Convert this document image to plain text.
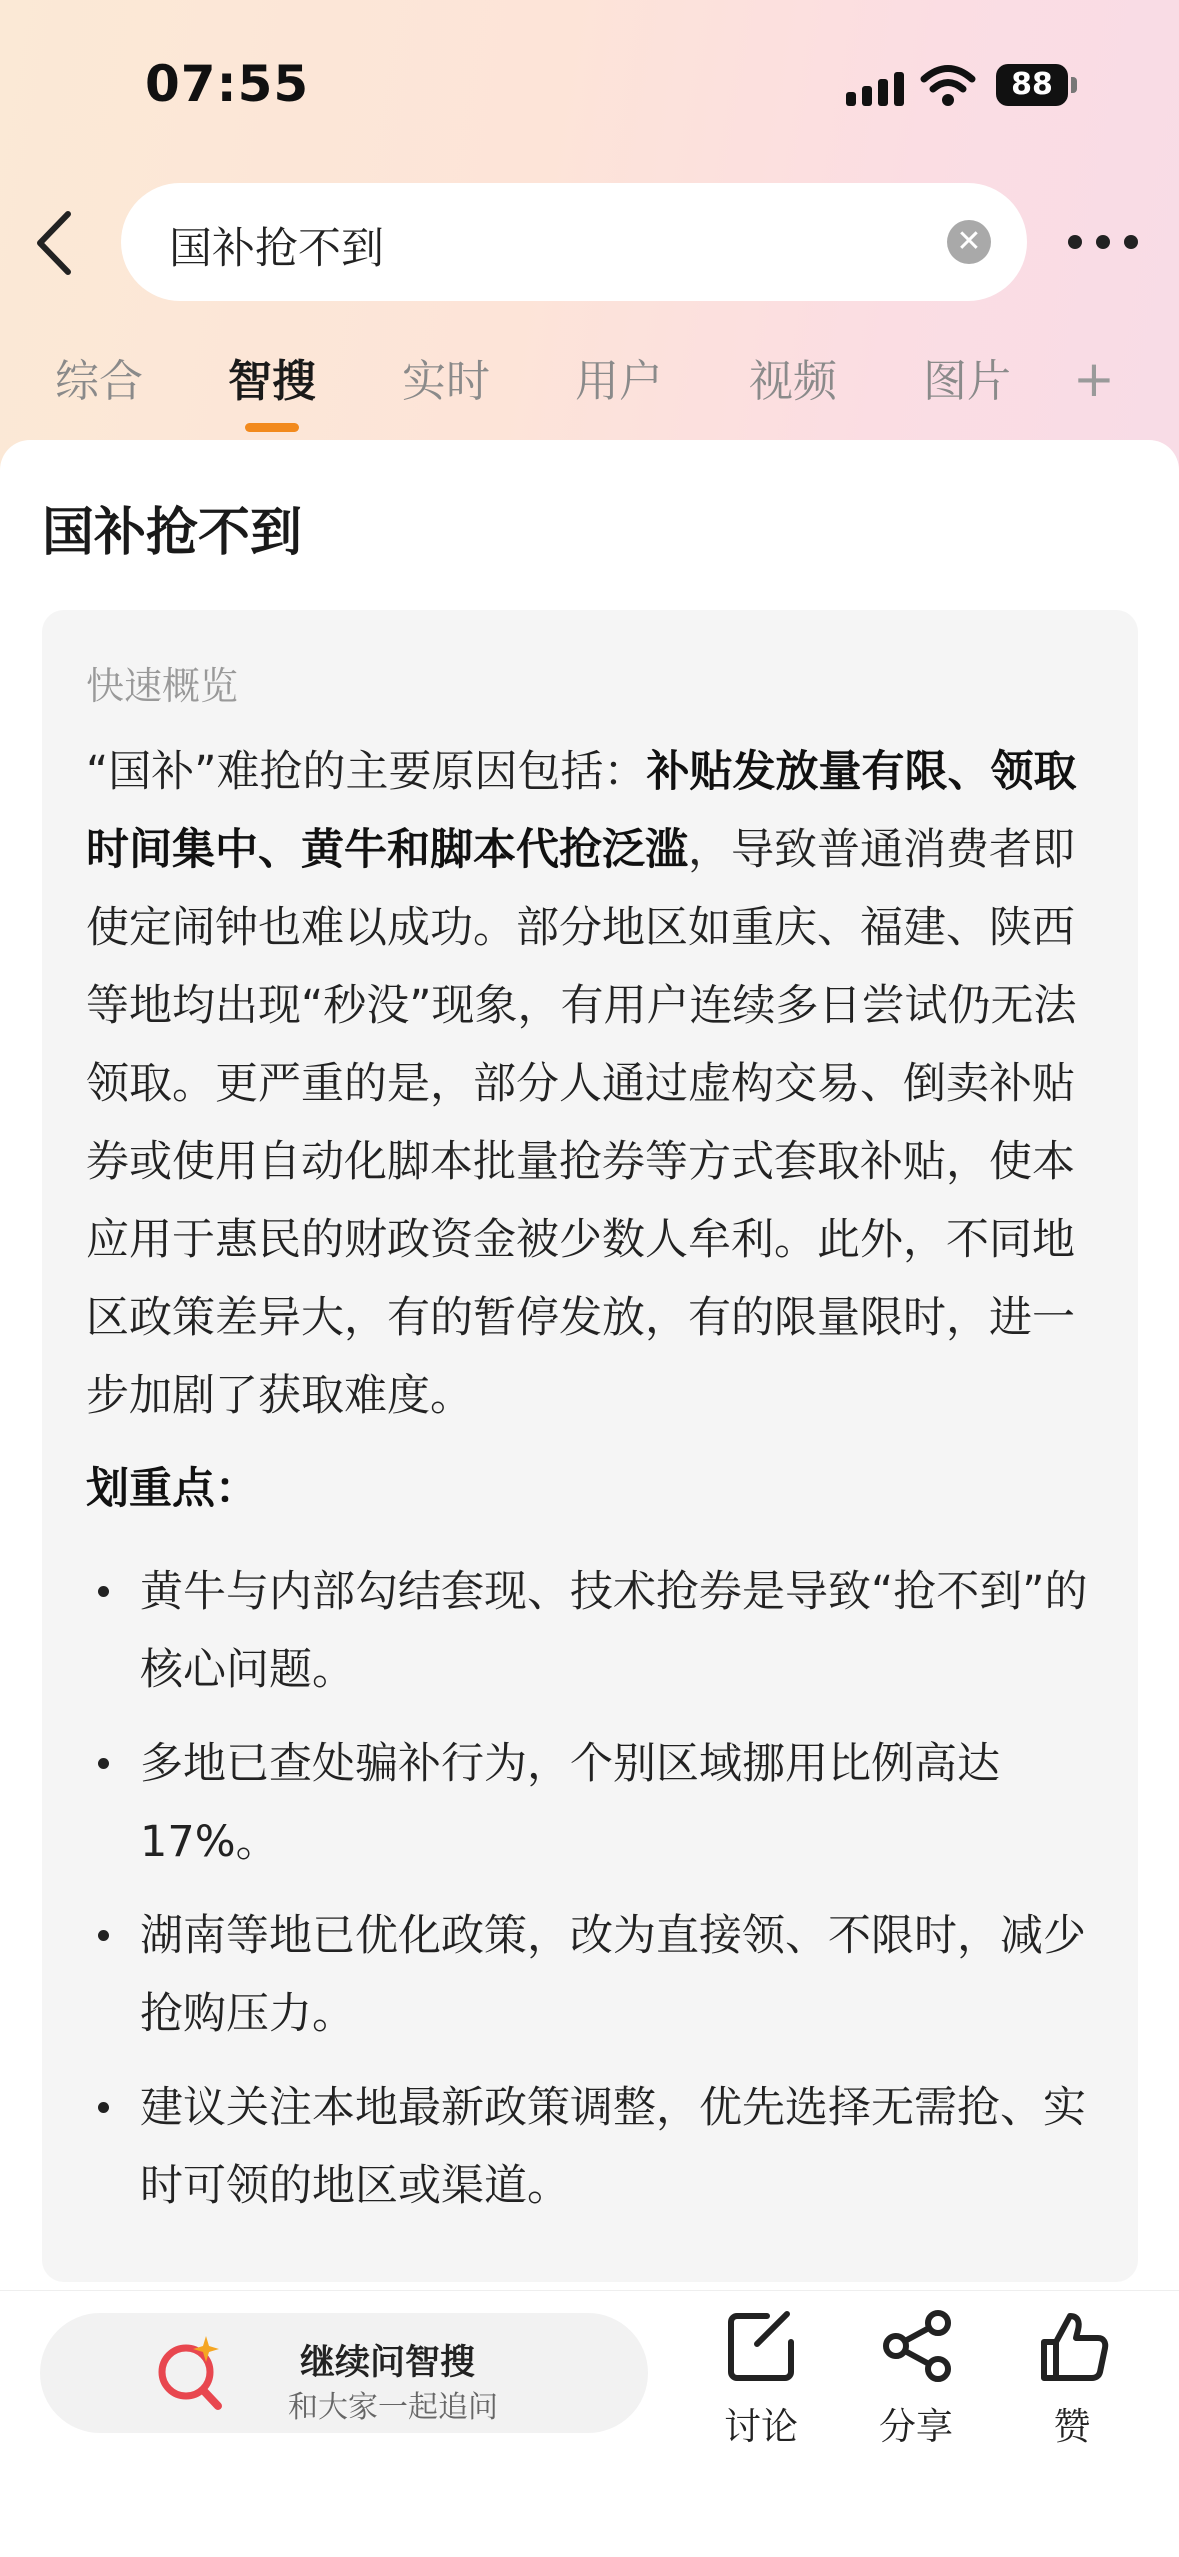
07:55	88
国补抢不到	✕
综合 智搜 实时 用户 视频 图片 +
国补抢不到
快速概览
“国补”难抢的主要原因包括：补贴发放量有限、领取时间集中、黄牛和脚本代抢泛滥，导致普通消费者即使定闹钟也难以成功。部分地区如重庆、福建、陕西等地均出现“秒没”现象，有用户连续多日尝试仍无法领取。更严重的是，部分人通过虚构交易、倒卖补贴券或使用自动化脚本批量抢券等方式套取补贴，使本应用于惠民的财政资金被少数人牟利。此外，不同地区政策差异大，有的暂停发放，有的限量限时，进一步加剧了获取难度。
划重点：
黄牛与内部勾结套现、技术抢券是导致“抢不到”的核心问题。
多地已查处骗补行为，个别区域挪用比例高达17%。
湖南等地已优化政策，改为直接领、不限时，减少抢购压力。
建议关注本地最新政策调整，优先选择无需抢、实时可领的地区或渠道。
继续问智搜
和大家一起追问	讨论	分享	赞
